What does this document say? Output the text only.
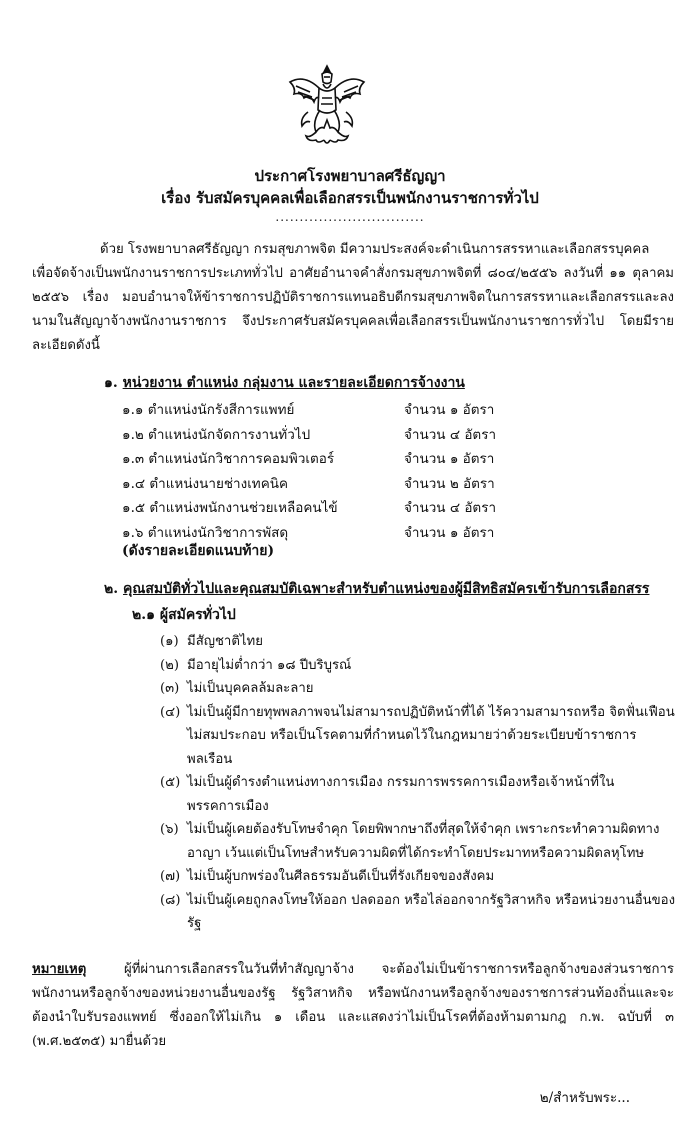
ประกาศโรงพยาบาลศรีธัญญา
เรื่อง รับสมัครบุคคลเพื่อเลือกสรรเป็นพนักงานราชการทั่วไป
...............................
ด้วย โรงพยาบาลศรีธัญญา กรมสุขภาพจิต มีความประสงค์จะดำเนินการสรรหาและเลือกสรรบุคคล
เพื่อจัดจ้างเป็นพนักงานราชการประเภททั่วไป อาศัยอำนาจคำสั่งกรมสุขภาพจิตที่ ๘๐๔/๒๕๕๖ ลงวันที่ ๑๑ ตุลาคม ๒๕๕๖ เรื่อง มอบอำนาจให้ข้าราชการปฏิบัติราชการแทนอธิบดีกรมสุขภาพจิตในการสรรหาและเลือกสรรและลงนามในสัญญาจ้างพนักงานราชการ จึงประกาศรับสมัครบุคคลเพื่อเลือกสรรเป็นพนักงานราชการทั่วไป โดยมีรายละเอียดดังนี้
๑. หน่วยงาน ตำแหน่ง กลุ่มงาน และรายละเอียดการจ้างงาน
๑.๑ ตำแหน่งนักรังสีการแพทย์	จำนวน ๑ อัตรา
๑.๒ ตำแหน่งนักจัดการงานทั่วไป	จำนวน ๔ อัตรา
๑.๓ ตำแหน่งนักวิชาการคอมพิวเตอร์	จำนวน ๑ อัตรา
๑.๔ ตำแหน่งนายช่างเทคนิค	จำนวน ๒ อัตรา
๑.๕ ตำแหน่งพนักงานช่วยเหลือคนไข้	จำนวน ๔ อัตรา
๑.๖ ตำแหน่งนักวิชาการพัสดุ	จำนวน ๑ อัตรา
(ดังรายละเอียดแนบท้าย)
๒. คุณสมบัติทั่วไปและคุณสมบัติเฉพาะสำหรับตำแหน่งของผู้มีสิทธิสมัครเข้ารับการเลือกสรร
๒.๑ ผู้สมัครทั่วไป
(๑) มีสัญชาติไทย
(๒) มีอายุไม่ต่ำกว่า ๑๘ ปีบริบูรณ์
(๓) ไม่เป็นบุคคลล้มละลาย
(๔) ไม่เป็นผู้มีกายทุพพลภาพจนไม่สามารถปฏิบัติหน้าที่ได้ ไร้ความสามารถหรือ จิตฟั่นเฟือน ไม่สมประกอบ หรือเป็นโรคตามที่กำหนดไว้ในกฎหมายว่าด้วยระเบียบข้าราชการพลเรือน
(๕) ไม่เป็นผู้ดำรงตำแหน่งทางการเมือง กรรมการพรรคการเมืองหรือเจ้าหน้าที่ในพรรคการเมือง
(๖) ไม่เป็นผู้เคยต้องรับโทษจำคุก โดยพิพากษาถึงที่สุดให้จำคุก เพราะกระทำความผิดทางอาญา เว้นแต่เป็นโทษสำหรับความผิดที่ได้กระทำโดยประมาทหรือความผิดลหุโทษ
(๗) ไม่เป็นผู้บกพร่องในศีลธรรมอันดีเป็นที่รังเกียจของสังคม
(๘) ไม่เป็นผู้เคยถูกลงโทษให้ออก ปลดออก หรือไล่ออกจากรัฐวิสาหกิจ หรือหน่วยงานอื่นของรัฐ
หมายเหตุ	ผู้ที่ผ่านการเลือกสรรในวันที่ทำสัญญาจ้าง จะต้องไม่เป็นข้าราชการหรือลูกจ้างของส่วนราชการ พนักงานหรือลูกจ้างของหน่วยงานอื่นของรัฐ รัฐวิสาหกิจ หรือพนักงานหรือลูกจ้างของราชการส่วนท้องถิ่นและจะต้องนำใบรับรองแพทย์ ซึ่งออกให้ไม่เกิน ๑ เดือน และแสดงว่าไม่เป็นโรคที่ต้องห้ามตามกฎ ก.พ. ฉบับที่ ๓ (พ.ศ.๒๕๓๕) มายื่นด้วย
๒/สำหรับพระ...
